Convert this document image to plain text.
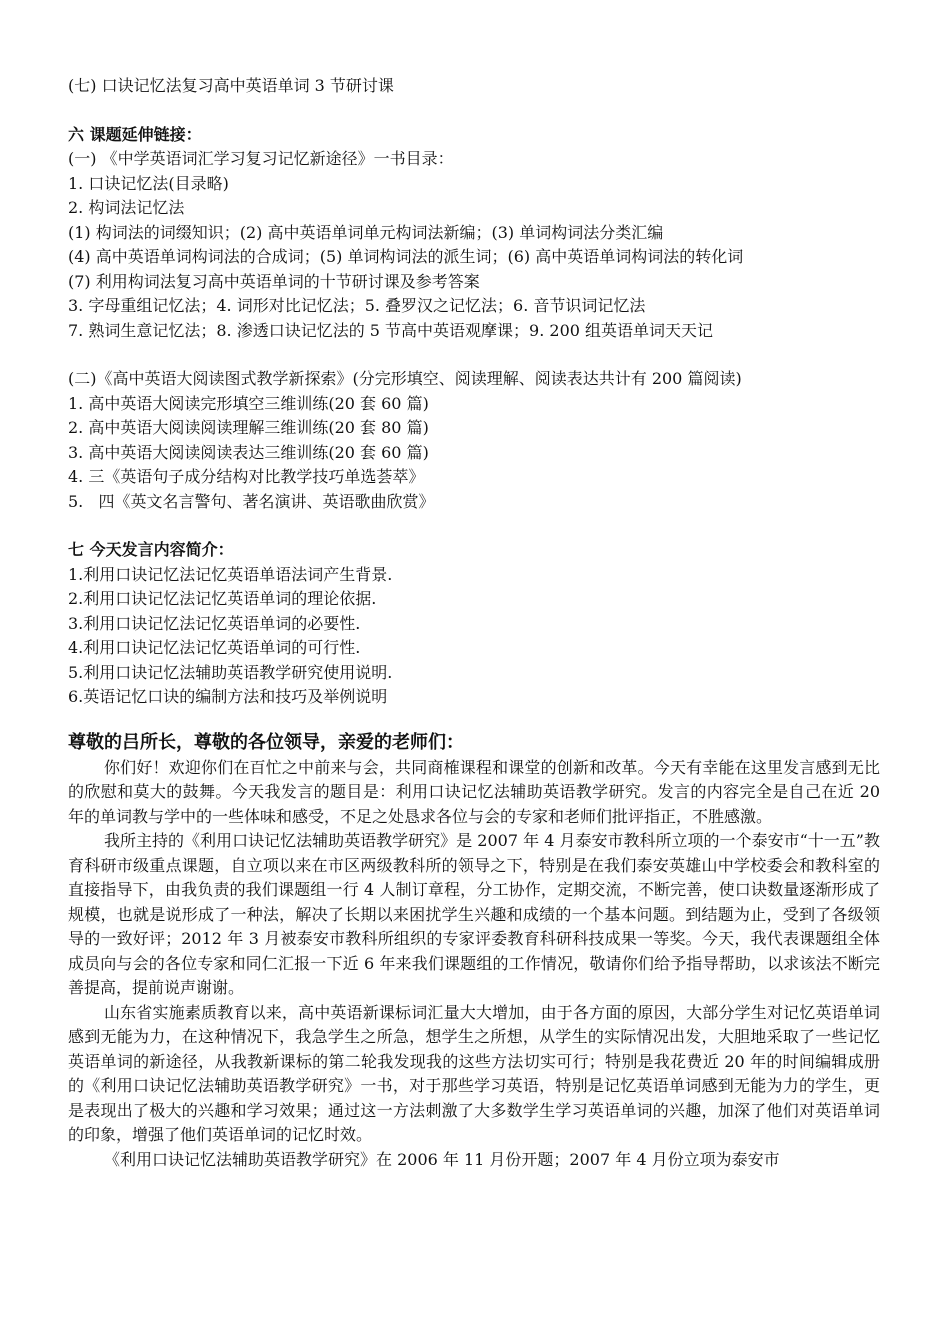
(七) 口诀记忆法复习高中英语单词 3 节研讨课
六 课题延伸链接：
(一) 《中学英语词汇学习复习记忆新途径》一书目录：
1. 口诀记忆法(目录略)
2. 构词法记忆法
(1) 构词法的词缀知识；(2) 高中英语单词单元构词法新编；(3) 单词构词法分类汇编
(4) 高中英语单词构词法的合成词；(5) 单词构词法的派生词；(6) 高中英语单词构词法的转化词
(7) 利用构词法复习高中英语单词的十节研讨课及参考答案
3. 字母重组记忆法；4. 词形对比记忆法；5. 叠罗汉之记忆法；6. 音节识词记忆法
7. 熟词生意记忆法；8. 渗透口诀记忆法的 5 节高中英语观摩课；9. 200 组英语单词天天记
(二)《高中英语大阅读图式教学新探索》(分完形填空、阅读理解、阅读表达共计有 200 篇阅读)
1. 高中英语大阅读完形填空三维训练(20 套 60 篇)
2. 高中英语大阅读阅读理解三维训练(20 套 80 篇)
3. 高中英语大阅读阅读表达三维训练(20 套 60 篇)
4. 三《英语句子成分结构对比教学技巧单选荟萃》
5.   四《英文名言警句、著名演讲、英语歌曲欣赏》
七 今天发言内容简介：
1.利用口诀记忆法记忆英语单语法词产生背景.
2.利用口诀记忆法记忆英语单词的理论依据.
3.利用口诀记忆法记忆英语单词的必要性.
4.利用口诀记忆法记忆英语单词的可行性.
5.利用口诀记忆法辅助英语教学研究使用说明.
6.英语记忆口诀的编制方法和技巧及举例说明
尊敬的吕所长，尊敬的各位领导，亲爱的老师们：
你们好！欢迎你们在百忙之中前来与会，共同商榷课程和课堂的创新和改革。今天有幸能在这里发言感到无比的欣慰和莫大的鼓舞。今天我发言的题目是：利用口诀记忆法辅助英语教学研究。发言的内容完全是自己在近 20 年的单词教与学中的一些体味和感受，不足之处恳求各位与会的专家和老师们批评指正，不胜感激。
我所主持的《利用口诀记忆法辅助英语教学研究》是 2007 年 4 月泰安市教科所立项的一个泰安市“十一五”教育科研市级重点课题，自立项以来在市区两级教科所的领导之下，特别是在我们泰安英雄山中学校委会和教科室的直接指导下，由我负责的我们课题组一行 4 人制订章程，分工协作，定期交流，不断完善，使口诀数量逐渐形成了规模，也就是说形成了一种法，解决了长期以来困扰学生兴趣和成绩的一个基本问题。到结题为止，受到了各级领导的一致好评；2012 年 3 月被泰安市教科所组织的专家评委教育科研科技成果一等奖。今天，我代表课题组全体成员向与会的各位专家和同仁汇报一下近 6 年来我们课题组的工作情况，敬请你们给予指导帮助，以求该法不断完善提高，提前说声谢谢。
山东省实施素质教育以来，高中英语新课标词汇量大大增加，由于各方面的原因，大部分学生对记忆英语单词感到无能为力，在这种情况下，我急学生之所急，想学生之所想，从学生的实际情况出发，大胆地采取了一些记忆英语单词的新途径，从我教新课标的第二轮我发现我的这些方法切实可行；特别是我花费近 20 年的时间编辑成册的《利用口诀记忆法辅助英语教学研究》一书，对于那些学习英语，特别是记忆英语单词感到无能为力的学生，更是表现出了极大的兴趣和学习效果；通过这一方法刺激了大多数学生学习英语单词的兴趣，加深了他们对英语单词的印象，增强了他们英语单词的记忆时效。
《利用口诀记忆法辅助英语教学研究》在 2006 年 11 月份开题；2007 年 4 月份立项为泰安市
